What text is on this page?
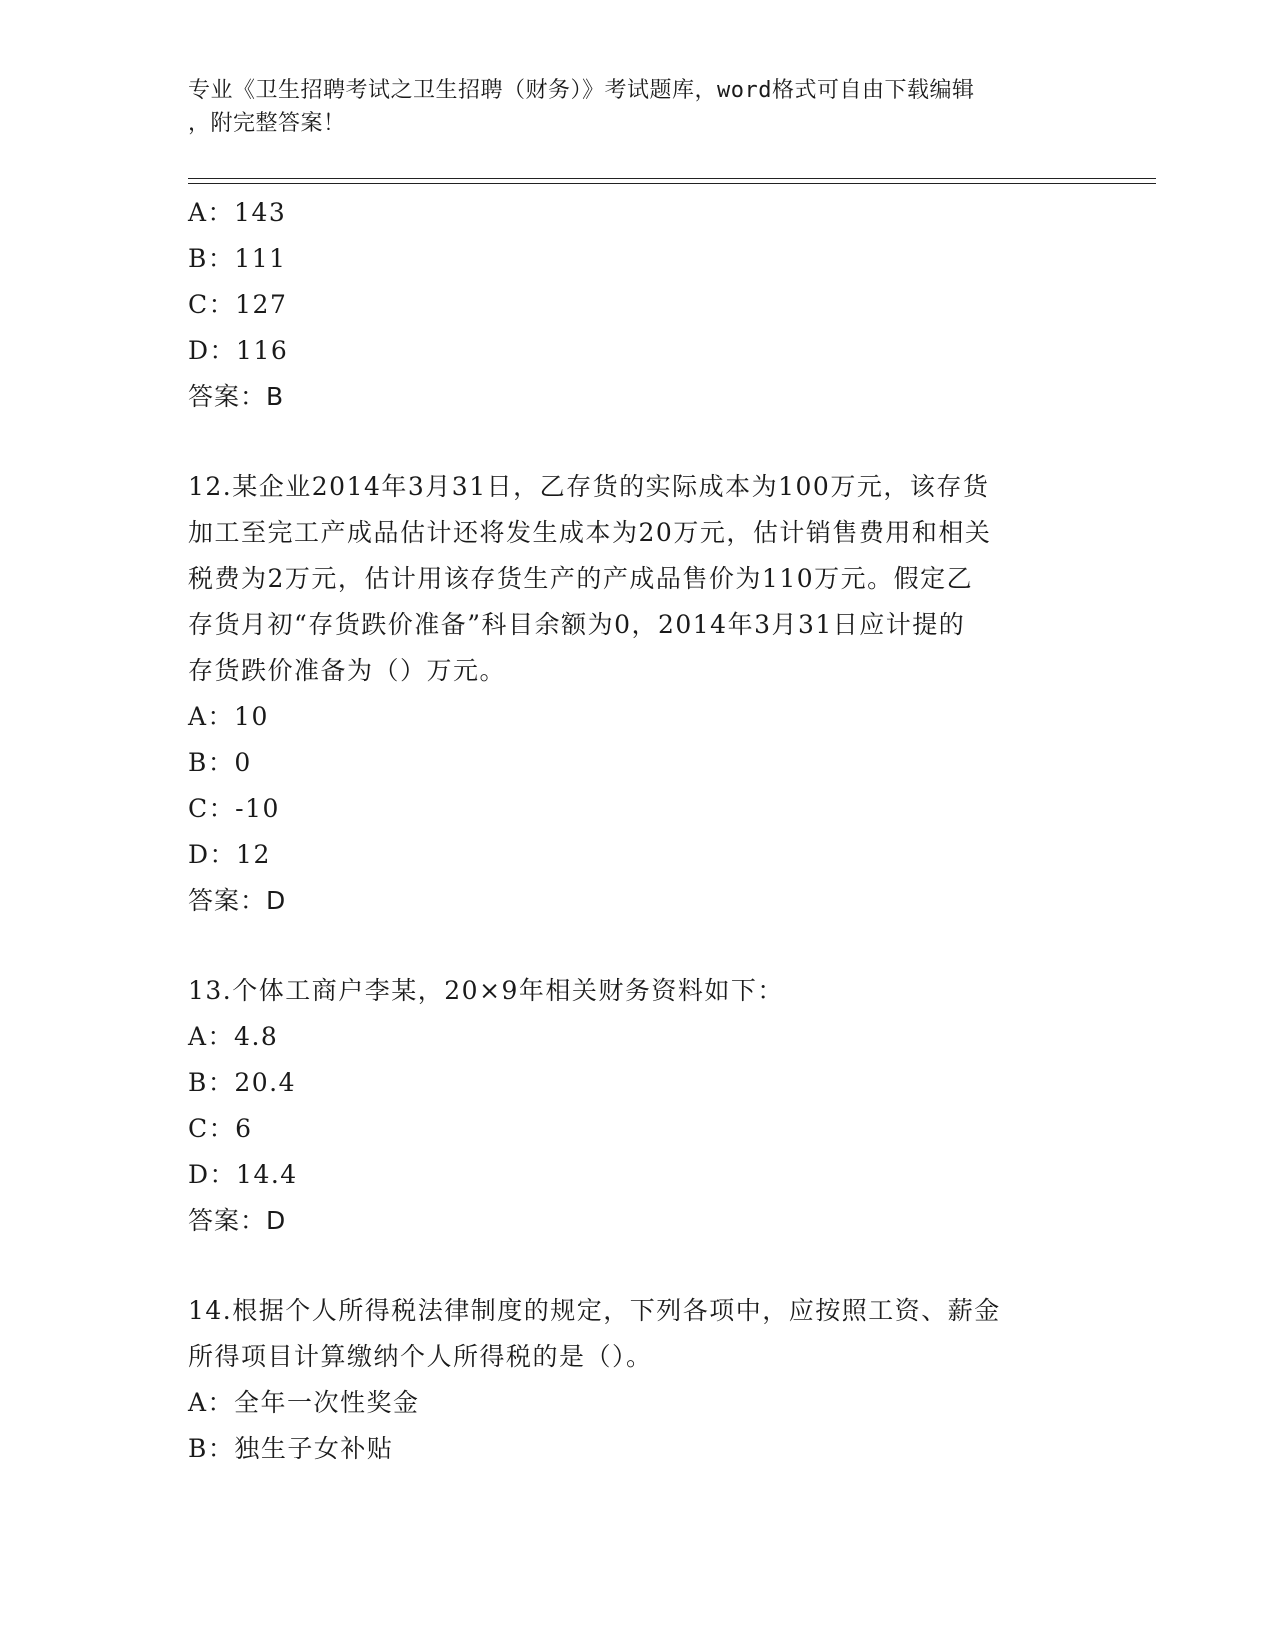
专业《卫生招聘考试之卫生招聘（财务）》考试题库，word格式可自由下载编辑
，附完整答案！
A：143
B：111
C：127
D：116
答案：B
12.某企业2014年3月31日，乙存货的实际成本为100万元，该存货
加工至完工产成品估计还将发生成本为20万元，估计销售费用和相关
税费为2万元，估计用该存货生产的产成品售价为110万元。假定乙
存货月初“存货跌价准备”科目余额为0，2014年3月31日应计提的
存货跌价准备为（）万元。
A：10
B：0
C：-10
D：12
答案：D
13.个体工商户李某，20×9年相关财务资料如下：
A：4.8
B：20.4
C：6
D：14.4
答案：D
14.根据个人所得税法律制度的规定，下列各项中，应按照工资、薪金
所得项目计算缴纳个人所得税的是（）。
A：全年一次性奖金
B：独生子女补贴
